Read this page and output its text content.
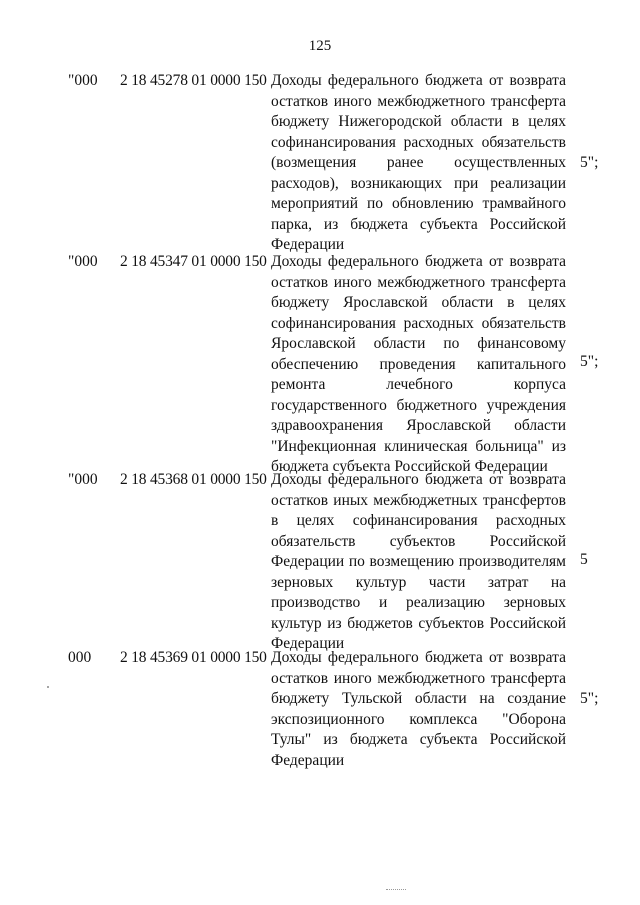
125
"000 2 18 45278 01 0000 150 Доходы федерального бюджета от возврата остатков иного межбюджетного трансферта бюджету Нижегородской области в целях софинансирования расходных обязательств (возмещения ранее осуществленных расходов), возникающих при реализации мероприятий по обновлению трамвайного парка, из бюджета субъекта Российской Федерации
5";
"000 2 18 45347 01 0000 150 Доходы федерального бюджета от возврата остатков иного межбюджетного трансферта бюджету Ярославской области в целях софинансирования расходных обязательств Ярославской области по финансовому обеспечению проведения капитального ремонта лечебного корпуса государственного бюджетного учреждения здравоохранения Ярославской области "Инфекционная клиническая больница" из бюджета субъекта Российской Федерации
5";
"000 2 18 45368 01 0000 150 Доходы федерального бюджета от возврата остатков иных межбюджетных трансфертов в целях софинансирования расходных обязательств субъектов Российской Федерации по возмещению производителям зерновых культур части затрат на производство и реализацию зерновых культур из бюджетов субъектов Российской Федерации
5
000 2 18 45369 01 0000 150 Доходы федерального бюджета от возврата остатков иного межбюджетного трансферта бюджету Тульской области на создание экспозиционного комплекса "Оборона Тулы" из бюджета субъекта Российской Федерации
5";
